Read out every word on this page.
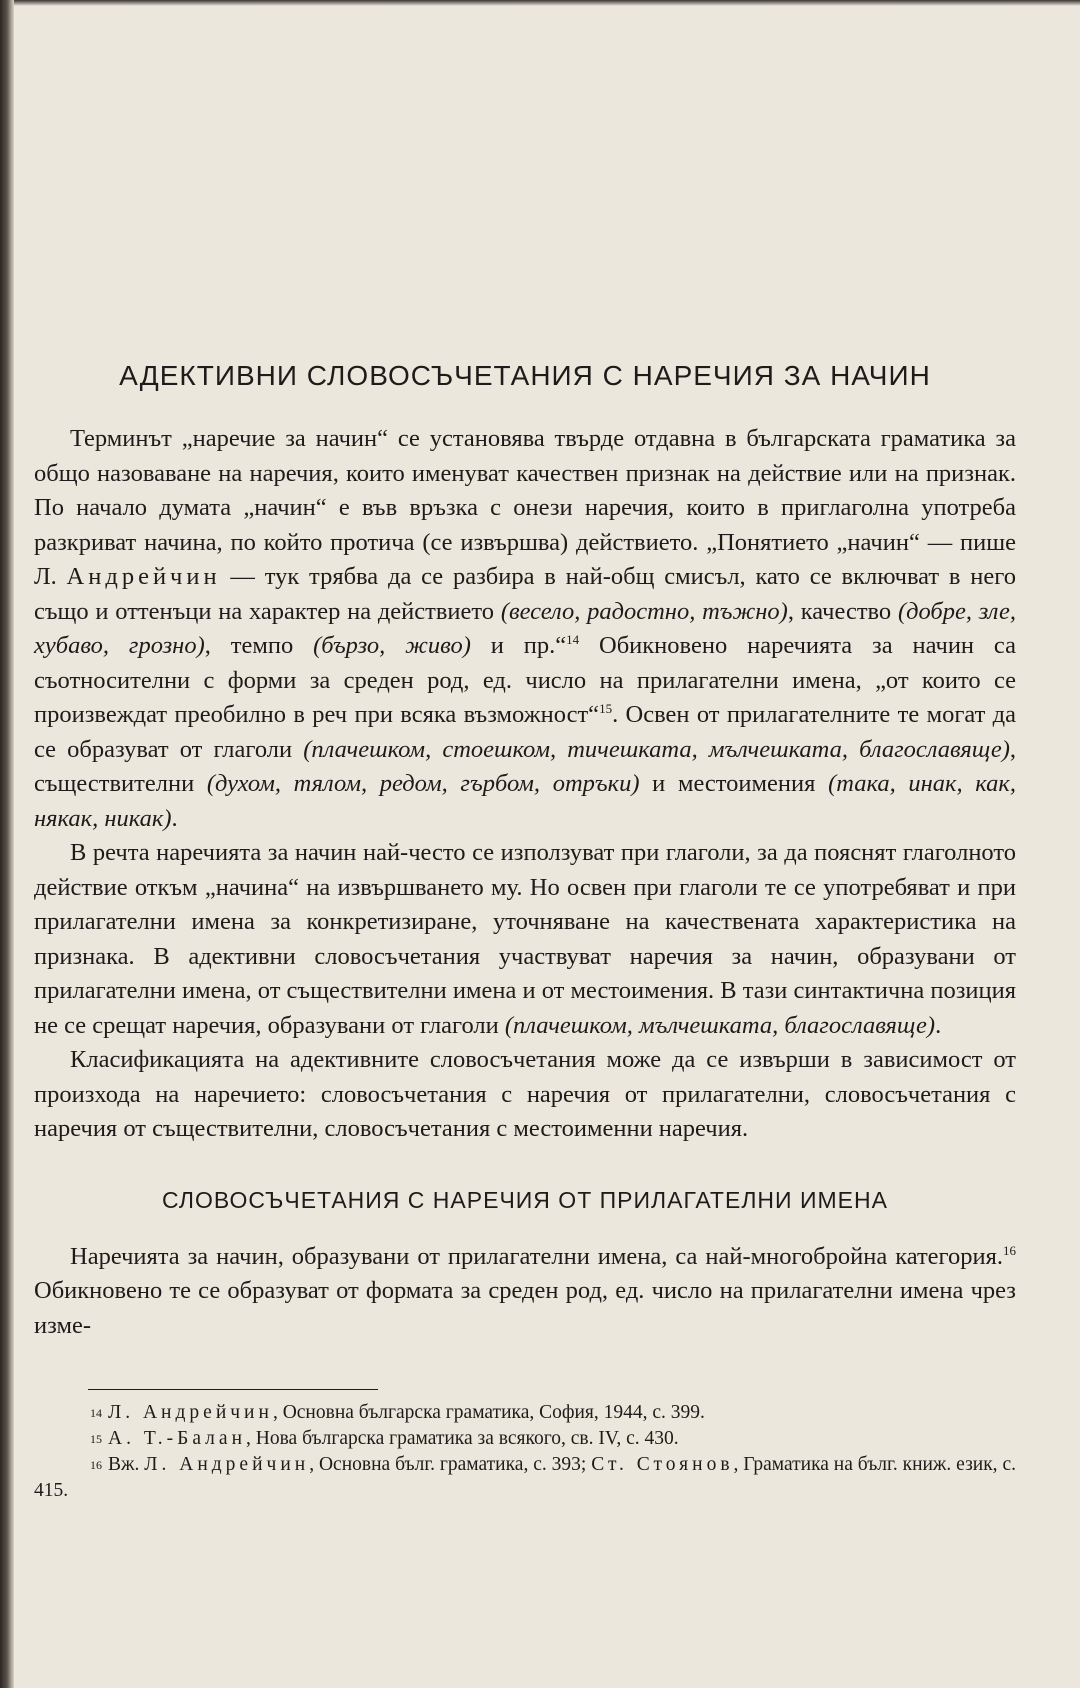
АДЕКТИВНИ СЛОВОСЪЧЕТАНИЯ С НАРЕЧИЯ ЗА НАЧИН

Терминът „наречие за начин“ се установява твърде отдавна в българската граматика за общо назоваване на наречия, които именуват качествен признак на действие или на признак. По начало думата „начин“ е във връзка с онези наречия, които в приглаголна употреба разкриват начина, по който протича (се извършва) действието. „Понятието „начин“ — пише Л. Андрейчин — тук трябва да се разбира в най-общ смисъл, като се включват в него също и оттенъци на характер на действието (весело, радостно, тъжно), качество (добре, зле, хубаво, грозно), темпо (бързо, живо) и пр.“$^{14}$ Обикновено наречията за начин са съотносителни с форми за среден род, ед. число на прилагателни имена, „от които се произвеждат преобилно в реч при всяка възможност“$^{15}$. Освен от прилагателните те могат да се образуват от глаголи (плачешком, стоешком, тичешката, мълчешката, благославяще), съществителни (духом, тялом, редом, гърбом, отръки) и местоимения (така, инак, как, някак, никак).

В речта наречията за начин най-често се използуват при глаголи, за да пояснят глаголното действие откъм „начина“ на извършването му. Но освен при глаголи те се употребяват и при прилагателни имена за конкретизиране, уточняване на качествената характеристика на признака. В адективни словосъчетания участвуват наречия за начин, образувани от прилагателни имена, от съществителни имена и от местоимения. В тази синтактична позиция не се срещат наречия, образувани от глаголи (плачешком, мълчешката, благославяще).

Класификацията на адективните словосъчетания може да се извърши в зависимост от произхода на наречието: словосъчетания с наречия от прилагателни, словосъчетания с наречия от съществителни, словосъчетания с местоименни наречия.

СЛОВОСЪЧЕТАНИЯ С НАРЕЧИЯ ОТ ПРИЛАГАТЕЛНИ ИМЕНА

Наречията за начин, образувани от прилагателни имена, са най-многобройна категория.$^{16}$ Обикновено те се образуват от формата за среден род, ед. число на прилагателни имена чрез изме-

14 Л. Андрейчин, Основна българска граматика, София, 1944, с. 399.

15 А. Т.-Балан, Нова българска граматика за всякого, св. IV, с. 430.

16 Вж. Л. Андрейчин, Основна бълг. граматика, с. 393; Ст. Стоянов, Граматика на бълг. книж. език, с. 415.
